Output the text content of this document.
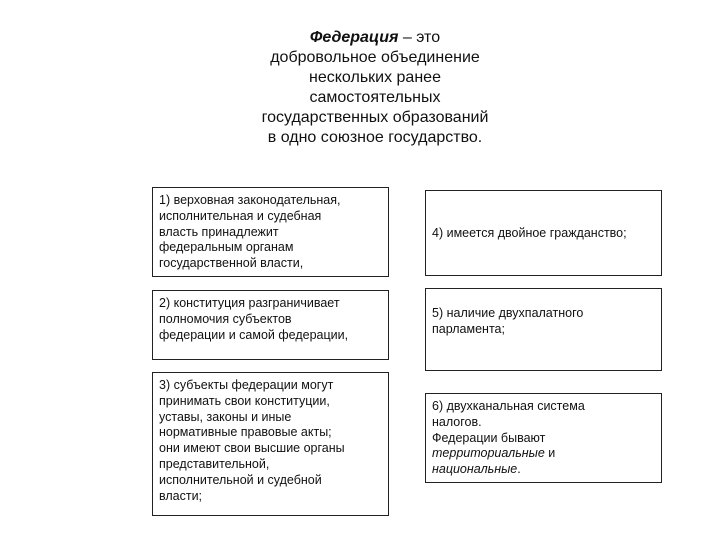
Федерация – это
добровольное объединение
нескольких ранее
самостоятельных
государственных образований
в одно союзное государство.
1) верховная законодательная,
исполнительная и судебная
власть принадлежит
федеральным органам
государственной власти,
2) конституция разграничивает
полномочия субъектов
федерации и самой федерации,
3) субъекты федерации могут
принимать свои конституции,
уставы, законы и иные
нормативные правовые акты;
они имеют свои высшие органы
представительной,
исполнительной и судебной
власти;
4) имеется двойное гражданство;
5) наличие двухпалатного
парламента;
6) двухканальная система
налогов.
Федерации бывают
территориальные и
национальные.
